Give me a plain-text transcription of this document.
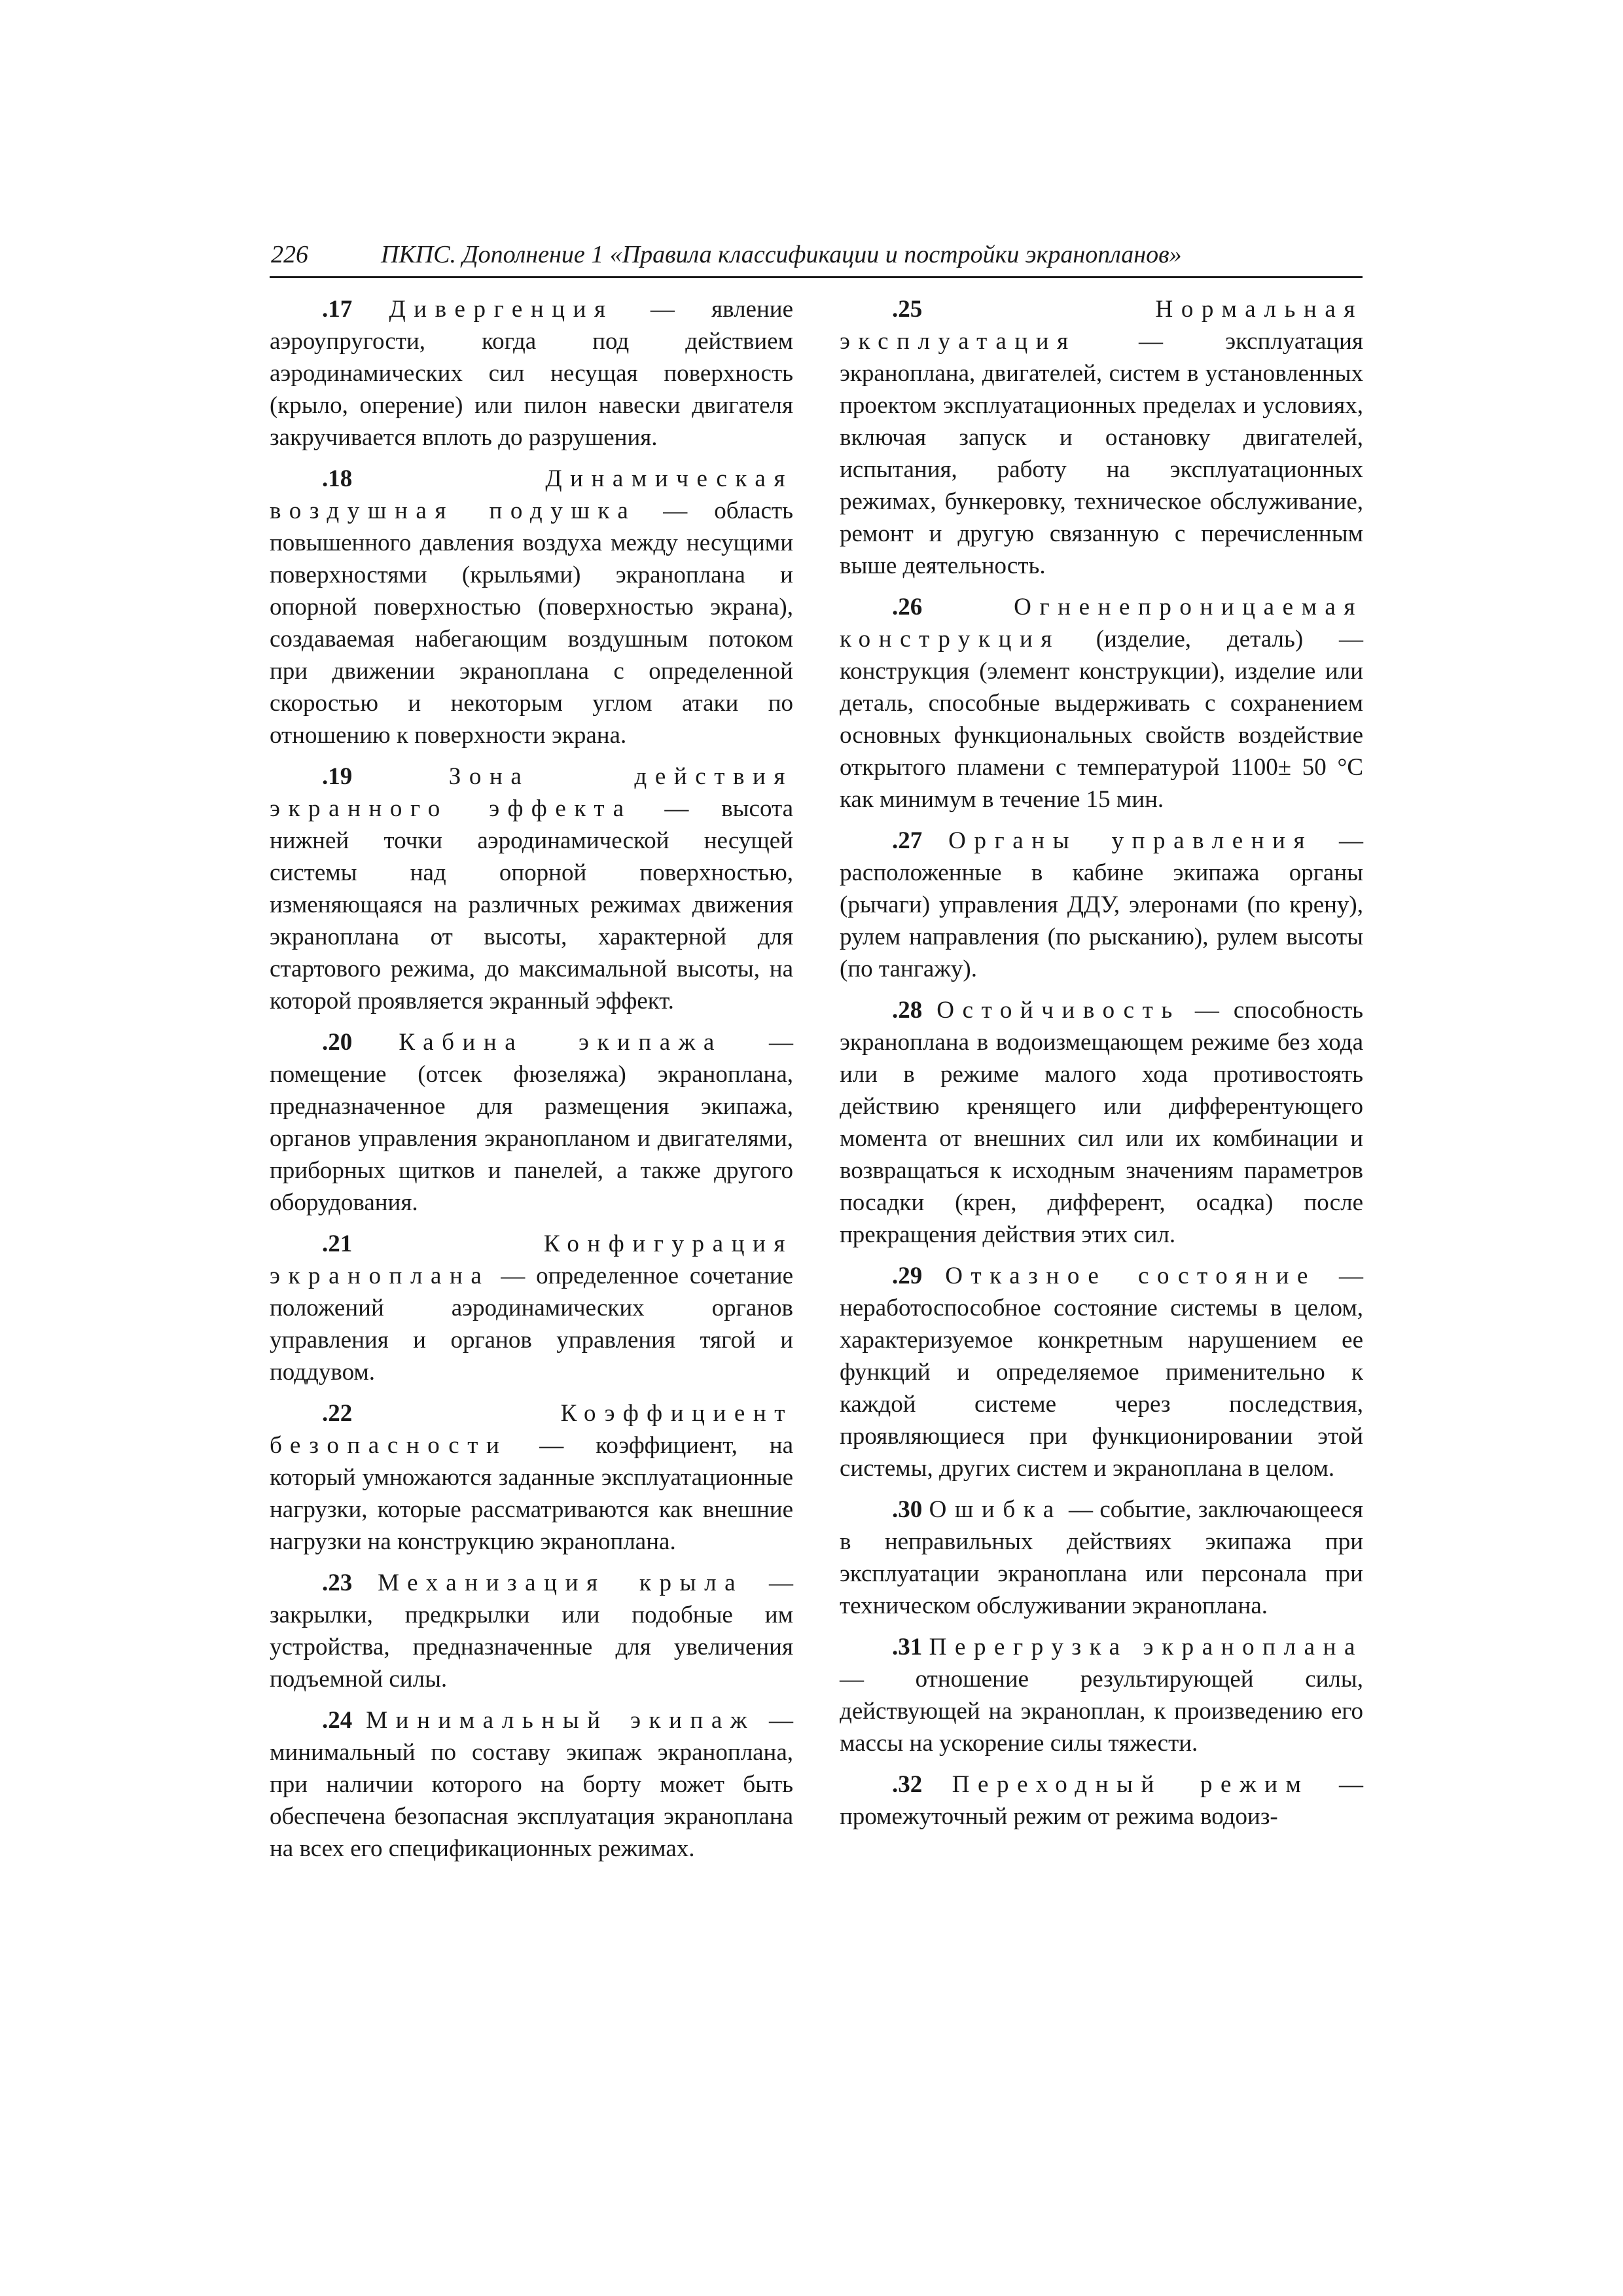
226	ПКПС. Дополнение 1 «Правила классификации и постройки экранопланов»

.17 Дивергенция — явление аэроупругости, когда под действием аэродинамических сил несущая поверхность (крыло, оперение) или пилон навески двигателя закручивается вплоть до разрушения.

.18	Динамическая воздушная подушка — область повышенного давления воздуха между несущими поверхностями (крыльями) экраноплана и опорной поверхностью (поверхностью экрана), создаваемая набегающим воздушным потоком при движении экраноплана с определенной скоростью и некоторым углом атаки по отношению к поверхности экрана.

.19	Зона действия экранного эффекта — высота нижней точки аэродинамической несущей системы над опорной поверхностью, изменяющаяся на различных режимах движения экраноплана от высоты, характерной для стартового режима, до максимальной высоты, на которой проявляется экранный эффект.

.20 Кабина экипажа — помещение (отсек фюзеляжа) экраноплана, предназначенное для размещения экипажа, органов управления экранопланом и двигателями, приборных щитков и панелей, а также другого оборудования.

.21	Конфигурация экраноплана — определенное сочетание положений аэродинамических органов управления и органов управления тягой и поддувом.

.22	Коэффициент безопасности — коэффициент, на который умножаются заданные эксплуатационные нагрузки, которые рассматриваются как внешние нагрузки на конструкцию экраноплана.

.23 Механизация крыла — закрылки, предкрылки или подобные им устройства, предназначенные для увеличения подъемной силы.

.24 Минимальный экипаж — минимальный по составу экипаж экраноплана, при наличии которого на борту может быть обеспечена безопасная эксплуатация экраноплана на всех его спецификационных режимах.

.25	Нормальная эксплуатация — эксплуатация экраноплана, двигателей, систем в установленных проектом эксплуатационных пределах и условиях, включая запуск и остановку двигателей, испытания, работу на эксплуатационных режимах, бункеровку, техническое обслуживание, ремонт и другую связанную с перечисленным выше деятельность.

.26	Огненепроницаемая конструкция (изделие, деталь) — конструкция (элемент конструкции), изделие или деталь, способные выдерживать с сохранением основных функциональных свойств воздействие открытого пламени с температурой 1100± 50 °С как минимум в течение 15 мин.

.27 Органы управления — расположенные в кабине экипажа органы (рычаги) управления ДДУ, элеронами (по крену), рулем направления (по рысканию), рулем высоты (по тангажу).

.28 Остойчивость — способность экраноплана в водоизмещающем режиме без хода или в режиме малого хода противостоять действию кренящего или дифферентующего момента от внешних сил или их комбинации и возвращаться к исходным значениям параметров посадки (крен, дифферент, осадка) после прекращения действия этих сил.

.29 Отказное состояние — неработоспособное состояние системы в целом, характеризуемое конкретным нарушением ее функций и определяемое применительно к каждой системе через последствия, проявляющиеся при функционировании этой системы, других систем и экраноплана в целом.

.30 Ошибка — событие, заключающееся в неправильных действиях экипажа при эксплуатации экраноплана или персонала при техническом обслуживании экраноплана.

.31 Перегрузка экраноплана — отношение результирующей силы, действующей на экраноплан, к произведению его массы на ускорение силы тяжести.

.32 Переходный режим — промежуточный режим от режима водоиз-
